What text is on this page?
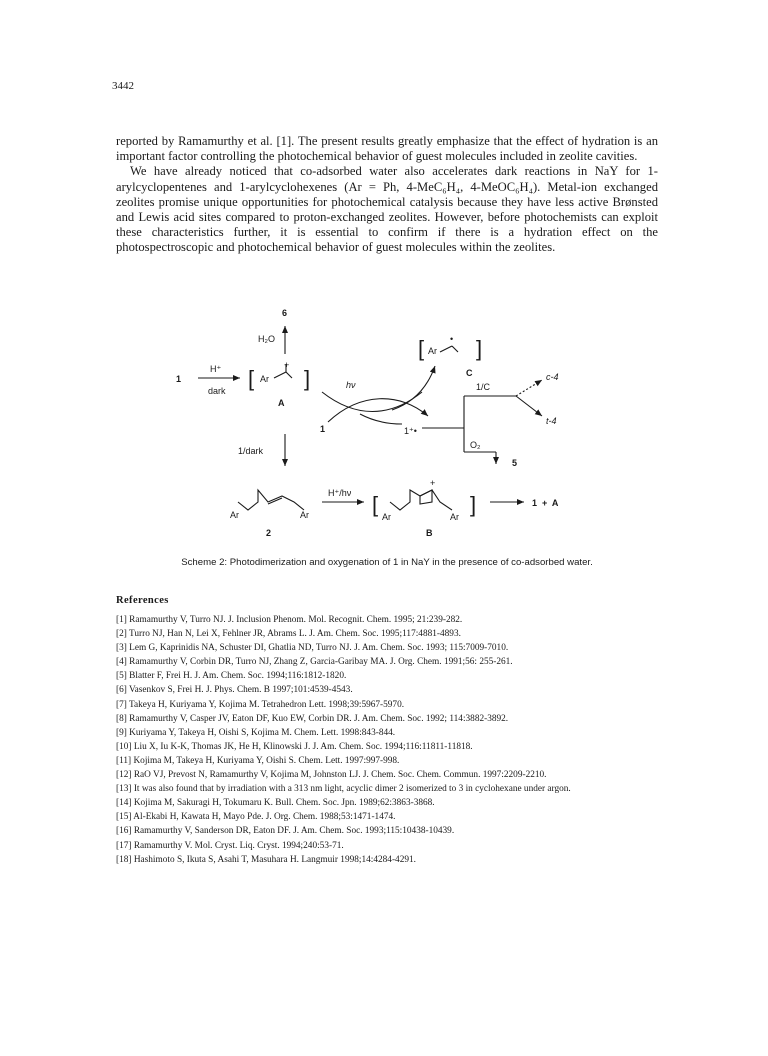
3442

reported by Ramamurthy et al. [1]. The present results greatly emphasize that the effect of hydration is an important factor controlling the photochemical behavior of guest molecules included in zeolite cavities.

We have already noticed that co-adsorbed water also accelerates dark reactions in NaY for 1-arylcyclopentenes and 1-arylcyclohexenes (Ar = Ph, 4-MeC₆H₄, 4-MeOC₆H₄). Metal-ion exchanged zeolites promise unique opportunities for photochemical catalysis because they have less active Brønsted and Lewis acid sites compared to proton-exchanged zeolites. However, before photochemists can exploit these characteristics further, it is essential to confirm if there is a hydration effect on the photospectroscopic and photochemical behavior of guest molecules within the zeolites.

6
H₂O
1
H⁺
dark [ Ar
+
]
A
hν
1	1⁺•
[ Ar
• ]
C
1/C
c-4
t-4
O₂
5
1/dark
Ar	Ar
2
H⁺/hν [ Ar
+
Ar ]
B
1  +  A
Scheme 2: Photodimerization and oxygenation of 1 in NaY in the presence of co-adsorbed water.
References
[1] Ramamurthy V, Turro NJ. J. Inclusion Phenom. Mol. Recognit. Chem. 1995; 21:239-282.
[2] Turro NJ, Han N, Lei X, Fehlner JR, Abrams L. J. Am. Chem. Soc. 1995;117:4881-4893.
[3] Lem G, Kaprinidis NA, Schuster DI, Ghatlia ND, Turro NJ. J. Am. Chem. Soc. 1993; 115:7009-7010.
[4] Ramamurthy V, Corbin DR, Turro NJ, Zhang Z, Garcia-Garibay MA. J. Org. Chem. 1991;56: 255-261.
[5] Blatter F, Frei H. J. Am. Chem. Soc. 1994;116:1812-1820.
[6] Vasenkov S, Frei H. J. Phys. Chem. B 1997;101:4539-4543.
[7] Takeya H, Kuriyama Y, Kojima M. Tetrahedron Lett. 1998;39:5967-5970.
[8] Ramamurthy V, Casper JV, Eaton DF, Kuo EW, Corbin DR. J. Am. Chem. Soc. 1992; 114:3882-3892.
[9] Kuriyama Y, Takeya H, Oishi S, Kojima M. Chem. Lett. 1998:843-844.
[10] Liu X, Iu K-K, Thomas JK, He H, Klinowski J. J. Am. Chem. Soc. 1994;116:11811-11818.
[11] Kojima M, Takeya H, Kuriyama Y, Oishi S. Chem. Lett. 1997:997-998.
[12] RaO VJ, Prevost N, Ramamurthy V, Kojima M, Johnston LJ. J. Chem. Soc. Chem. Commun. 1997:2209-2210.
[13] It was also found that by irradiation with a 313 nm light, acyclic dimer 2 isomerized to 3 in cyclohexane under argon.
[14] Kojima M, Sakuragi H, Tokumaru K. Bull. Chem. Soc. Jpn. 1989;62:3863-3868.
[15] Al-Ekabi H, Kawata H, Mayo Pde. J. Org. Chem. 1988;53:1471-1474.
[16] Ramamurthy V, Sanderson DR, Eaton DF. J. Am. Chem. Soc. 1993;115:10438-10439.
[17] Ramamurthy V. Mol. Cryst. Liq. Cryst. 1994;240:53-71.
[18] Hashimoto S, Ikuta S, Asahi T, Masuhara H. Langmuir 1998;14:4284-4291.
